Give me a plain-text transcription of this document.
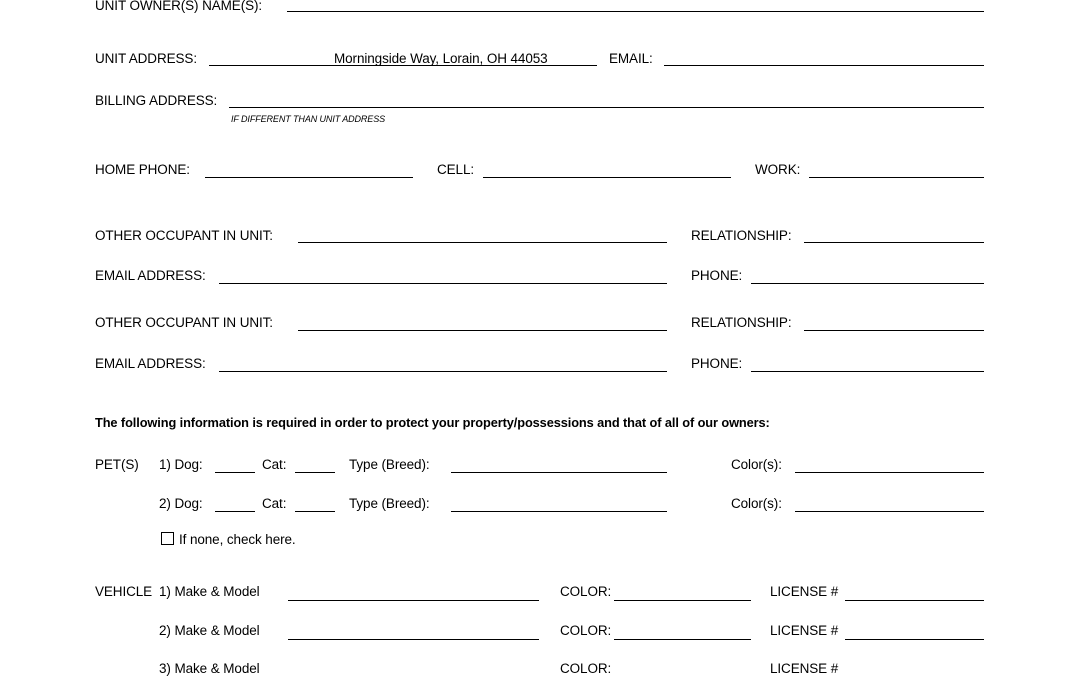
UNIT OWNER(S) NAME(S):
UNIT ADDRESS:	Morningside Way, Lorain, OH 44053	EMAIL:
BILLING ADDRESS:
IF DIFFERENT THAN UNIT ADDRESS
HOME PHONE:	CELL:	WORK:
OTHER OCCUPANT IN UNIT:	RELATIONSHIP:
EMAIL ADDRESS:	PHONE:
OTHER OCCUPANT IN UNIT:	RELATIONSHIP:
EMAIL ADDRESS:	PHONE:
The following information is required in order to protect your property/possessions and that of all of our owners:
PET(S) 1) Dog:	Cat:	Type (Breed):	Color(s):
2) Dog:	Cat:	Type (Breed):	Color(s):
If none, check here.
VEHICLE 1) Make & Model	COLOR:	LICENSE #
2) Make & Model	COLOR:	LICENSE #
3) Make & Model	COLOR:	LICENSE #
